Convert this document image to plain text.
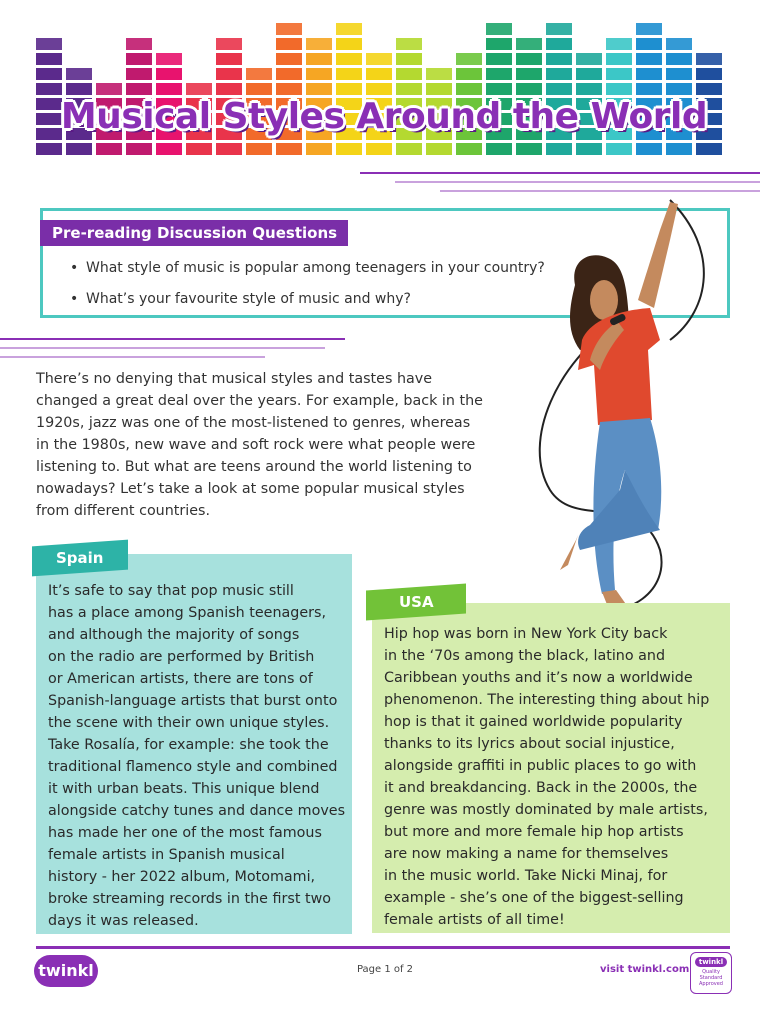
Musical Styles Around the World
Pre-reading Discussion Questions
• What style of music is popular among teenagers in your country?
• What’s your favourite style of music and why?
There’s no denying that musical styles and tastes have
changed a great deal over the years. For example, back in the
1920s, jazz was one of the most-listened to genres, whereas
in the 1980s, new wave and soft rock were what people were
listening to. But what are teens around the world listening to
nowadays? Let’s take a look at some popular musical styles
from different countries.
It’s safe to say that pop music still
has a place among Spanish teenagers,
and although the majority of songs
on the radio are performed by British
or American artists, there are tons of
Spanish-language artists that burst onto
the scene with their own unique styles.
Take Rosalía, for example: she took the
traditional flamenco style and combined
it with urban beats. This unique blend
alongside catchy tunes and dance moves
has made her one of the most famous
female artists in Spanish musical
history - her 2022 album, Motomami,
broke streaming records in the first two
days it was released.
Spain
Hip hop was born in New York City back
in the ‘70s among the black, latino and
Caribbean youths and it’s now a worldwide
phenomenon. The interesting thing about hip
hop is that it gained worldwide popularity
thanks to its lyrics about social injustice,
alongside graffiti in public places to go with
it and breakdancing. Back in the 2000s, the
genre was mostly dominated by male artists,
but more and more female hip hop artists
are now making a name for themselves
in the music world. Take Nicki Minaj, for
example - she’s one of the biggest-selling
female artists of all time!
USA
twinkl	Page 1 of 2	visit twinkl.com
twinkl
Quality Standard Approved
